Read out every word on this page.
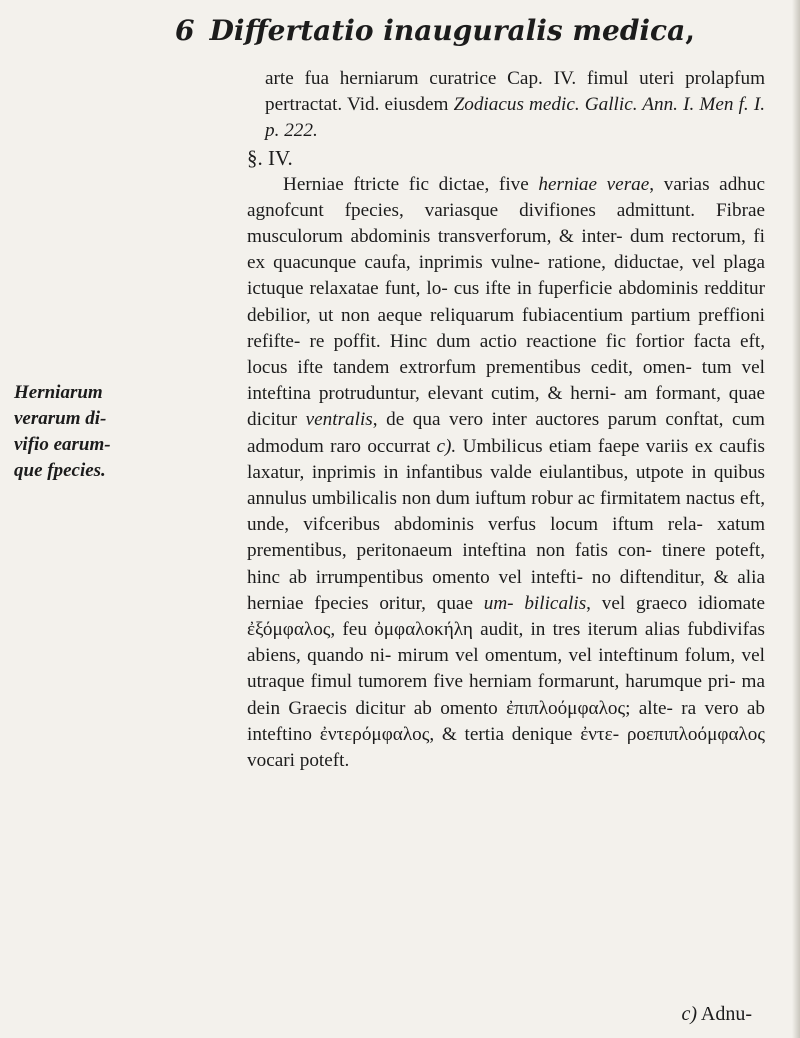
6 Differtatio inauguralis medica ,

arte fua herniarum curatrice Cap. IV. fimul uteri prolapfum pertractat. Vid. eiusdem Zodiacus medic. Gallic. Ann. I. Men f. I. p. 222.

§. IV.

Herniae ftricte fic dictae, five herniae verae, varias adhuc agnofcunt fpecies, variasque divifiones admittunt. Fibrae musculorum abdominis transverforum, & inter- dum rectorum, fi ex quacunque caufa, inprimis vulne- ratione, diductae, vel plaga ictuque relaxatae funt, lo- cus ifte in fuperficie abdominis redditur debilior, ut non aeque reliquarum fubiacentium partium preffioni refifte- re poffit. Hinc dum actio reactione fic fortior facta eft, locus ifte tandem extrorfum prementibus cedit, omen- tum vel inteftina protruduntur, elevant cutim, & herni- am formant, quae dicitur ventralis, de qua vero inter auctores parum conftat, cum admodum raro occurrat c). Umbilicus etiam faepe variis ex caufis laxatur, inprimis in infantibus valde eiulantibus, utpote in quibus annulus umbilicalis non dum iuftum robur ac firmitatem nactus eft, unde, vifceribus abdominis verfus locum iftum rela- xatum prementibus, peritonaeum inteftina non fatis con- tinere poteft, hinc ab irrumpentibus omento vel intefti- no diftenditur, & alia herniae fpecies oritur, quae um- bilicalis, vel graeco idiomate ἐξόμφαλος, feu ὀμφαλοκήλη audit, in tres iterum alias fubdivifas abiens, quando ni- mirum vel omentum, vel inteftinum folum, vel utraque fimul tumorem five herniam formarunt, harumque pri- ma dein Graecis dicitur ab omento ἐπιπλοόμφαλος; alte- ra vero ab inteftino ἐντερόμφαλος, & tertia denique ἐντε- ροεπιπλοόμφαλος vocari poteft.

Herniarum
verarum di-
vifio earum-
que fpecies.
c) Adnu-
